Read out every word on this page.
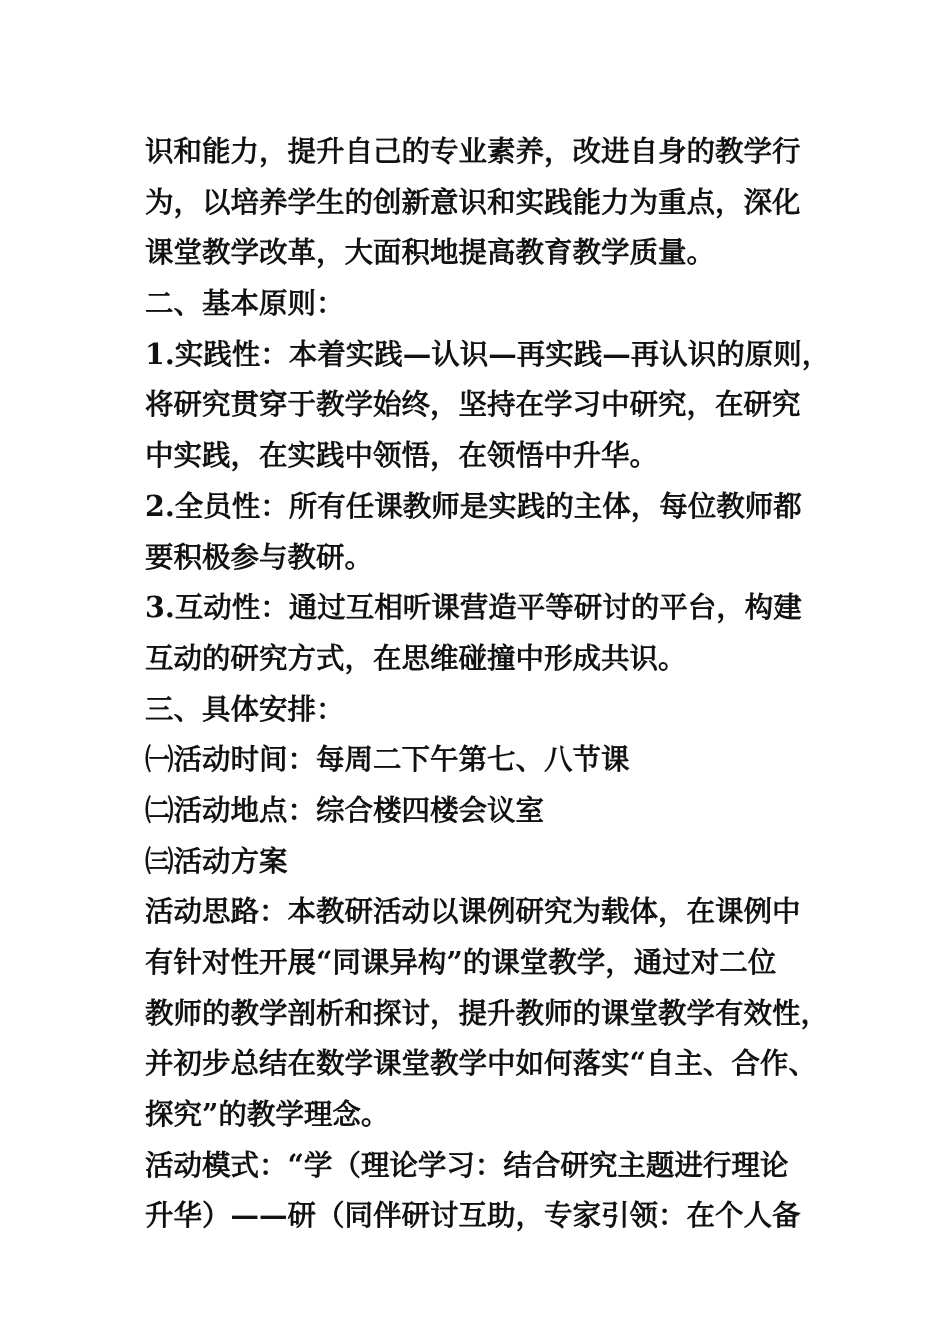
识和能力，提升自己的专业素养，改进自身的教学行
为，以培养学生的创新意识和实践能力为重点，深化
课堂教学改革，大面积地提高教育教学质量。
二、基本原则：
1.实践性：本着实践—认识—再实践—再认识的原则，
将研究贯穿于教学始终，坚持在学习中研究，在研究
中实践，在实践中领悟，在领悟中升华。
2.全员性：所有任课教师是实践的主体，每位教师都
要积极参与教研。
3.互动性：通过互相听课营造平等研讨的平台，构建
互动的研究方式，在思维碰撞中形成共识。
三、具体安排：
㈠活动时间：每周二下午第七、八节课
㈡活动地点：综合楼四楼会议室
㈢活动方案
活动思路：本教研活动以课例研究为载体，在课例中
有针对性开展“同课异构”的课堂教学，通过对二位
教师的教学剖析和探讨，提升教师的课堂教学有效性，
并初步总结在数学课堂教学中如何落实“自主、合作、
探究”的教学理念。
活动模式：“学（理论学习：结合研究主题进行理论
升华）——研（同伴研讨互助，专家引领：在个人备
